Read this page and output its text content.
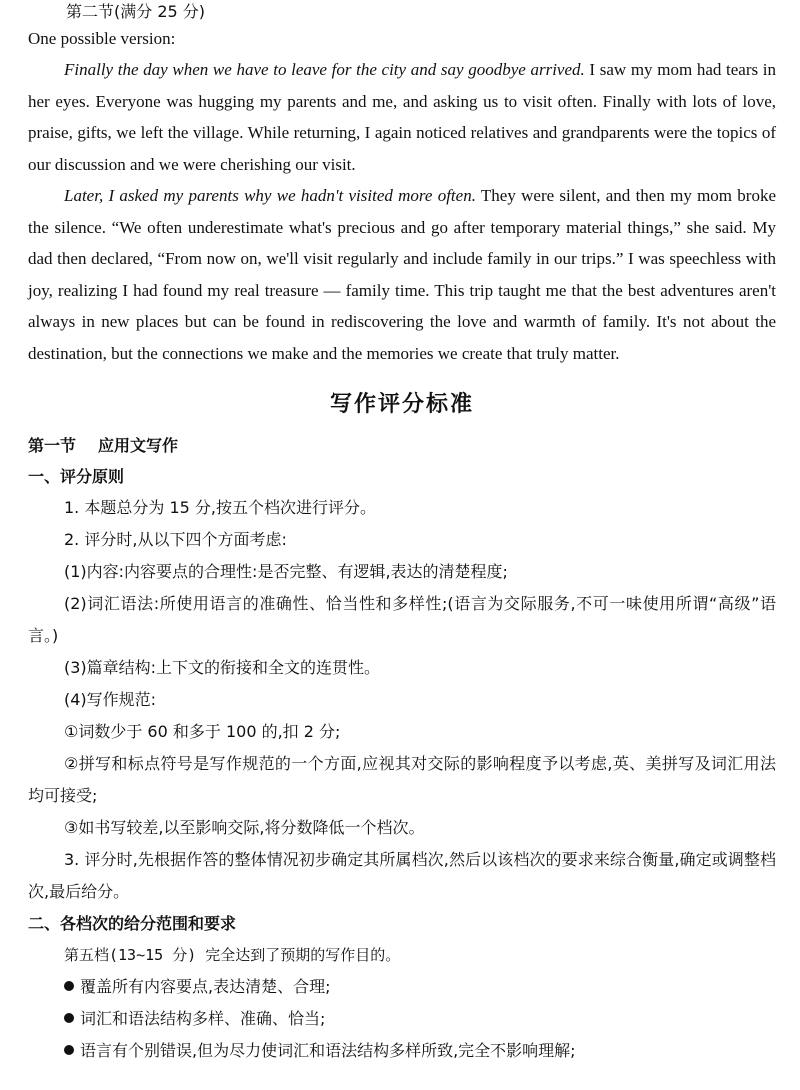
第二节(满分 25 分)

One possible version:

Finally the day when we have to leave for the city and say goodbye arrived. I saw my mom had tears in her eyes. Everyone was hugging my parents and me, and asking us to visit often. Finally with lots of love, praise, gifts, we left the village. While returning, I again noticed relatives and grandparents were the topics of our discussion and we were cherishing our visit.

Later, I asked my parents why we hadn't visited more often. They were silent, and then my mom broke the silence. “We often underestimate what's precious and go after temporary material things,” she said. My dad then declared, “From now on, we'll visit regularly and include family in our trips.” I was speechless with joy, realizing I had found my real treasure — family time. This trip taught me that the best adventures aren't always in new places but can be found in rediscovering the love and warmth of family. It's not about the destination, but the connections we make and the memories we create that truly matter.

写作评分标准

第一节 应用文写作

一、评分原则

1. 本题总分为 15 分,按五个档次进行评分。

2. 评分时,从以下四个方面考虑:

(1)内容:内容要点的合理性:是否完整、有逻辑,表达的清楚程度;

(2)词汇语法:所使用语言的准确性、恰当性和多样性;(语言为交际服务,不可一味使用所谓“高级”语言。)

(3)篇章结构:上下文的衔接和全文的连贯性。

(4)写作规范:

①词数少于 60 和多于 100 的,扣 2 分;

②拼写和标点符号是写作规范的一个方面,应视其对交际的影响程度予以考虑,英、美拼写及词汇用法均可接受;

③如书写较差,以至影响交际,将分数降低一个档次。

3. 评分时,先根据作答的整体情况初步确定其所属档次,然后以该档次的要求来综合衡量,确定或调整档次,最后给分。

二、各档次的给分范围和要求

第五档(13~15 分) 完全达到了预期的写作目的。

覆盖所有内容要点,表达清楚、合理;

词汇和语法结构多样、准确、恰当;

语言有个别错误,但为尽力使词汇和语法结构多样所致,完全不影响理解;
